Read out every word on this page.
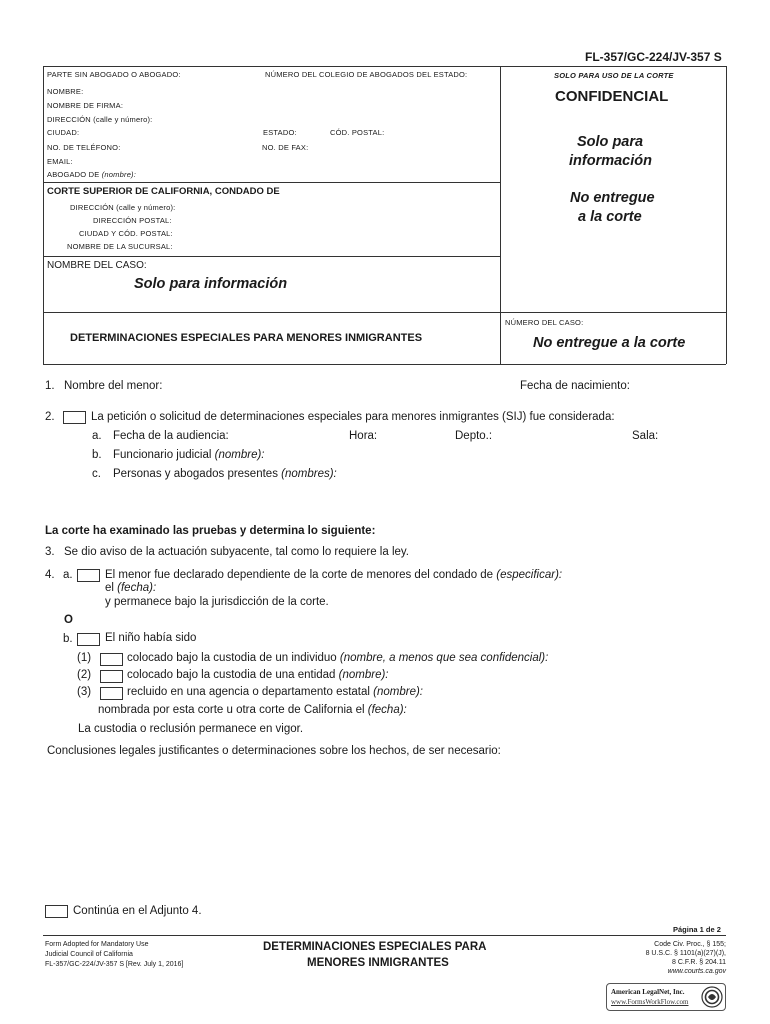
FL-357/GC-224/JV-357 S
PARTE SIN ABOGADO O ABOGADO:	NÚMERO DEL COLEGIO DE ABOGADOS DEL ESTADO:	SOLO PARA USO DE LA CORTE
NOMBRE:
NOMBRE DE FIRMA:
DIRECCIÓN (calle y número):
CIUDAD:	ESTADO:	CÓD. POSTAL:
NO. DE TELÉFONO:	NO. DE FAX:
EMAIL:
ABOGADO DE (nombre):
CONFIDENCIAL
Solo para
información
No entregue
a la corte
CORTE SUPERIOR DE CALIFORNIA, CONDADO DE
DIRECCIÓN (calle y número):
DIRECCIÓN POSTAL:
CIUDAD Y CÓD. POSTAL:
NOMBRE DE LA SUCURSAL:
NOMBRE DEL CASO:
Solo para información
DETERMINACIONES ESPECIALES PARA MENORES INMIGRANTES
NÚMERO DEL CASO:
No entregue a la corte
1. Nombre del menor:	Fecha de nacimiento:
2.	La petición o solicitud de determinaciones especiales para menores inmigrantes (SIJ) fue considerada:
a. Fecha de la audiencia:	Hora:	Depto.:	Sala:
b. Funcionario judicial (nombre):
c. Personas y abogados presentes (nombres):
La corte ha examinado las pruebas y determina lo siguiente:
3. Se dio aviso de la actuación subyacente, tal como lo requiere la ley.
4. a.	El menor fue declarado dependiente de la corte de menores del condado de (especificar):
el (fecha):
y permanece bajo la jurisdicción de la corte.
O
b.	El niño había sido
(1)	colocado bajo la custodia de un individuo (nombre, a menos que sea confidencial):
(2)	colocado bajo la custodia de una entidad (nombre):
(3)	recluido en una agencia o departamento estatal (nombre):
nombrada por esta corte u otra corte de California el (fecha):
La custodia o reclusión permanece en vigor.
Conclusiones legales justificantes o determinaciones sobre los hechos, de ser necesario:
Continúa en el Adjunto 4.
Página 1 de 2
Form Adopted for Mandatory Use
Judicial Council of California
FL-357/GC-224/JV-357 S [Rev. July 1, 2016]
DETERMINACIONES ESPECIALES PARA
MENORES INMIGRANTES
Code Civ. Proc., § 155;
8 U.S.C. § 1101(a)(27)(J),
8 C.F.R. § 204.11
www.courts.ca.gov
American LegalNet, Inc.
www.FormsWorkFlow.com
